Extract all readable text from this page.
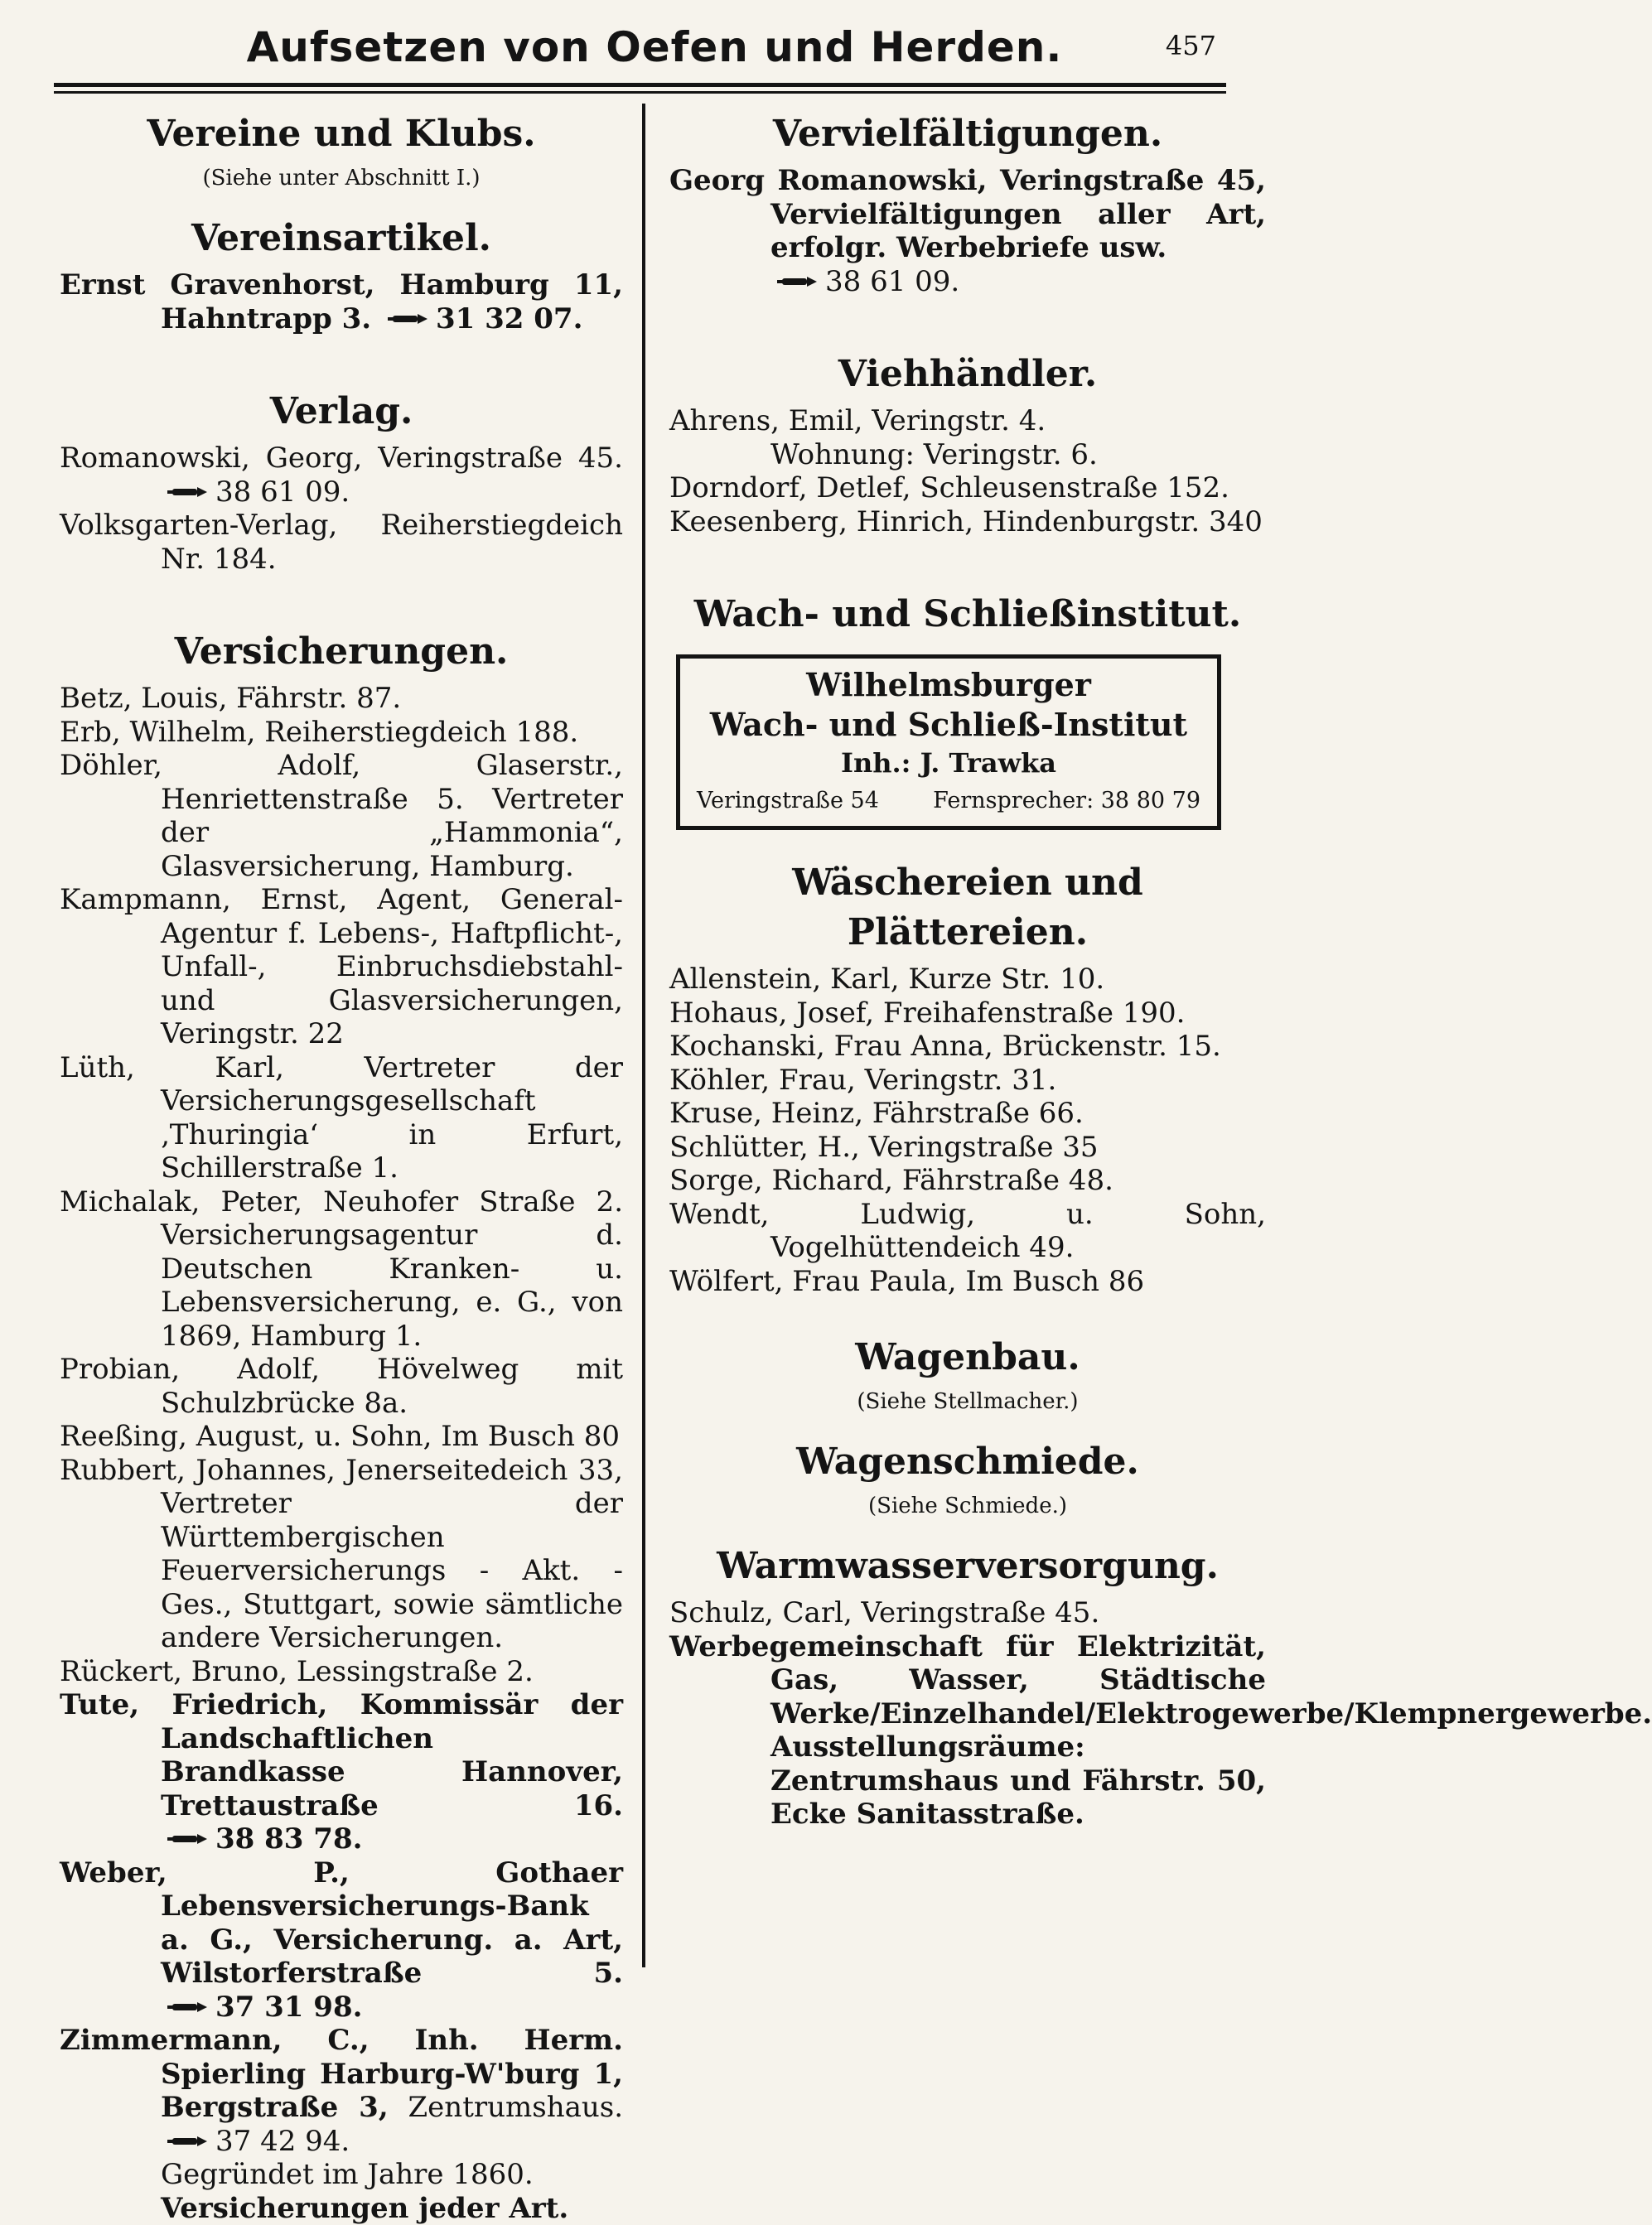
Aufsetzen von Oefen und Herden.	457
Vereine und Klubs.
(Siehe unter Abschnitt I.)
Vereinsartikel.
Ernst Gravenhorst, Hamburg 11, Hahntrapp 3. 31 32 07.
Verlag.
Romanowski, Georg, Veringstraße 45.
38 61 09.
Volksgarten-Verlag, Reiherstiegdeich Nr. 184.
Versicherungen.
Betz, Louis, Fährstr. 87.
Erb, Wilhelm, Reiherstiegdeich 188.
Döhler, Adolf, Glaserstr., Henriettenstraße 5. Vertreter der „Hammonia“, Glasversicherung, Hamburg.
Kampmann, Ernst, Agent, General-Agentur f. Lebens-, Haftpflicht-, Unfall-, Einbruchsdiebstahl- und Glasversicherungen, Veringstr. 22
Lüth, Karl, Vertreter der Versicherungsgesellschaft ‚Thuringia‘ in Erfurt, Schillerstraße 1.
Michalak, Peter, Neuhofer Straße 2. Versicherungsagentur d. Deutschen Kranken- u. Lebensversicherung, e. G., von 1869, Hamburg 1.
Probian, Adolf, Hövelweg mit Schulzbrücke 8a.
Reeßing, August, u. Sohn, Im Busch 80
Rubbert, Johannes, Jenerseitedeich 33, Vertreter der Württembergischen Feuerversicherungs - Akt. - Ges., Stuttgart, sowie sämtliche andere Versicherungen.
Rückert, Bruno, Lessingstraße 2.
Tute, Friedrich, Kommissär der Landschaftlichen Brandkasse Hannover, Trettaustraße 16.
38 83 78.
Weber, P., Gothaer Lebensversicherungs-Bank a. G., Versicherung. a. Art, Wilstorferstraße 5.
37 31 98.
Zimmermann, C., Inh. Herm. Spierling Harburg-W'burg 1, Bergstraße 3, Zentrumshaus.
37 42 94.
Gegründet im Jahre 1860.
Versicherungen jeder Art.
Vervielfältigungen.
Georg Romanowski, Veringstraße 45, Vervielfältigungen aller Art, erfolgr. Werbebriefe usw.
38 61 09.
Viehhändler.
Ahrens, Emil, Veringstr. 4.
Wohnung: Veringstr. 6.
Dorndorf, Detlef, Schleusenstraße 152.
Keesenberg, Hinrich, Hindenburgstr. 340
Wach- und Schließinstitut.
Wilhelmsburger
Wach- und Schließ-Institut
Inh.: J. Trawka
Veringstraße 54 Fernsprecher: 38 80 79
Wäschereien und Plättereien.
Allenstein, Karl, Kurze Str. 10.
Hohaus, Josef, Freihafenstraße 190.
Kochanski, Frau Anna, Brückenstr. 15.
Köhler, Frau, Veringstr. 31.
Kruse, Heinz, Fährstraße 66.
Schlütter, H., Veringstraße 35
Sorge, Richard, Fährstraße 48.
Wendt, Ludwig, u. Sohn, Vogelhüttendeich 49.
Wölfert, Frau Paula, Im Busch 86
Wagenbau.
(Siehe Stellmacher.)
Wagenschmiede.
(Siehe Schmiede.)
Warmwasserversorgung.
Schulz, Carl, Veringstraße 45.
Werbegemeinschaft für Elektrizität, Gas, Wasser, Städtische Werke/Einzelhandel/Elektrogewerbe/Klempnergewerbe. Ausstellungsräume: Zentrumshaus und Fährstr. 50, Ecke Sanitasstraße.
